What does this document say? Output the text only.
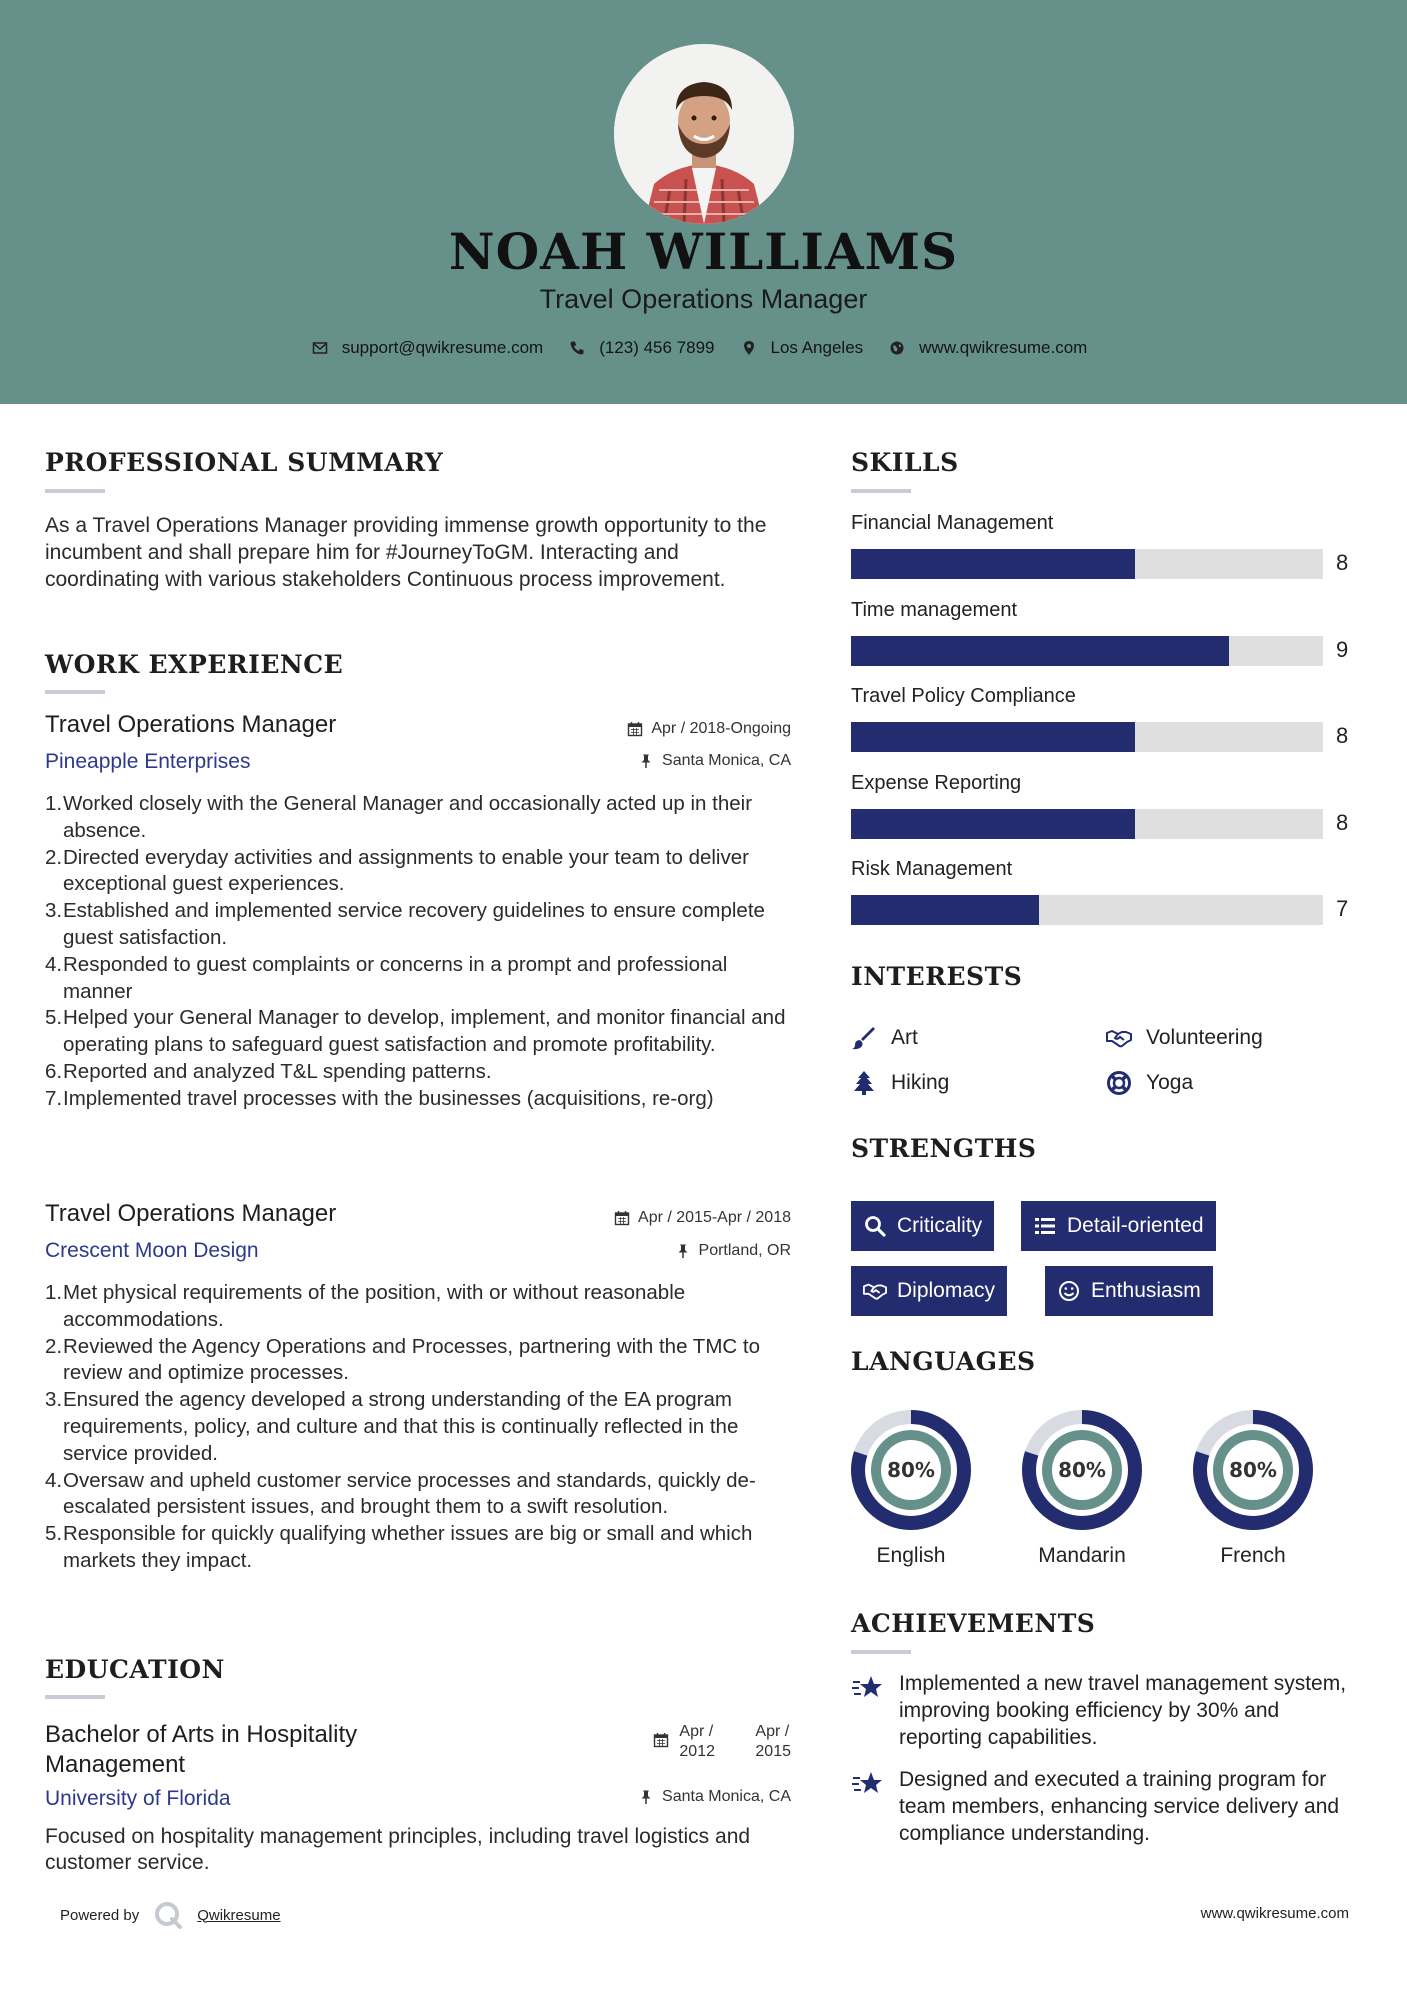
NOAH WILLIAMS
Travel Operations Manager
support@qwikresume.com	(123) 456 7899	Los Angeles	www.qwikresume.com
PROFESSIONAL SUMMARY
As a Travel Operations Manager providing immense growth opportunity to the incumbent and shall prepare him for #JourneyToGM. Interacting and coordinating with various stakeholders Continuous process improvement.
WORK EXPERIENCE
Travel Operations Manager
Pineapple Enterprises
Apr / 2018-Ongoing
Santa Monica, CA
1. Worked closely with the General Manager and occasionally acted up in their absence.
2. Directed everyday activities and assignments to enable your team to deliver exceptional guest experiences.
3. Established and implemented service recovery guidelines to ensure complete guest satisfaction.
4. Responded to guest complaints or concerns in a prompt and professional manner
5. Helped your General Manager to develop, implement, and monitor financial and operating plans to safeguard guest satisfaction and promote profitability.
6. Reported and analyzed T&L spending patterns.
7. Implemented travel processes with the businesses (acquisitions, re-org)
Travel Operations Manager
Crescent Moon Design
Apr / 2015-Apr / 2018
Portland, OR
1. Met physical requirements of the position, with or without reasonable accommodations.
2. Reviewed the Agency Operations and Processes, partnering with the TMC to review and optimize processes.
3. Ensured the agency developed a strong understanding of the EA program requirements, policy, and culture and that this is continually reflected in the service provided.
4. Oversaw and upheld customer service processes and standards, quickly de-escalated persistent issues, and brought them to a swift resolution.
5. Responsible for quickly qualifying whether issues are big or small and which markets they impact.
EDUCATION
Bachelor of Arts in Hospitality
Management
Apr /
2012
Apr /
2015
University of Florida	Santa Monica, CA
Focused on hospitality management principles, including travel logistics and customer service.
SKILLS
Financial Management
8
Time management
9
Travel Policy Compliance
8
Expense Reporting
8
Risk Management
7
INTERESTS
Art	Volunteering
Hiking	Yoga
STRENGTHS
Criticality	Detail-oriented
Diplomacy	Enthusiasm
LANGUAGES
80%
English
80%
Mandarin
80%
French
ACHIEVEMENTS
Implemented a new travel management system, improving booking efficiency by 30% and reporting capabilities.
Designed and executed a training program for team members, enhancing service delivery and compliance understanding.
Powered by	Qwikresume	www.qwikresume.com
